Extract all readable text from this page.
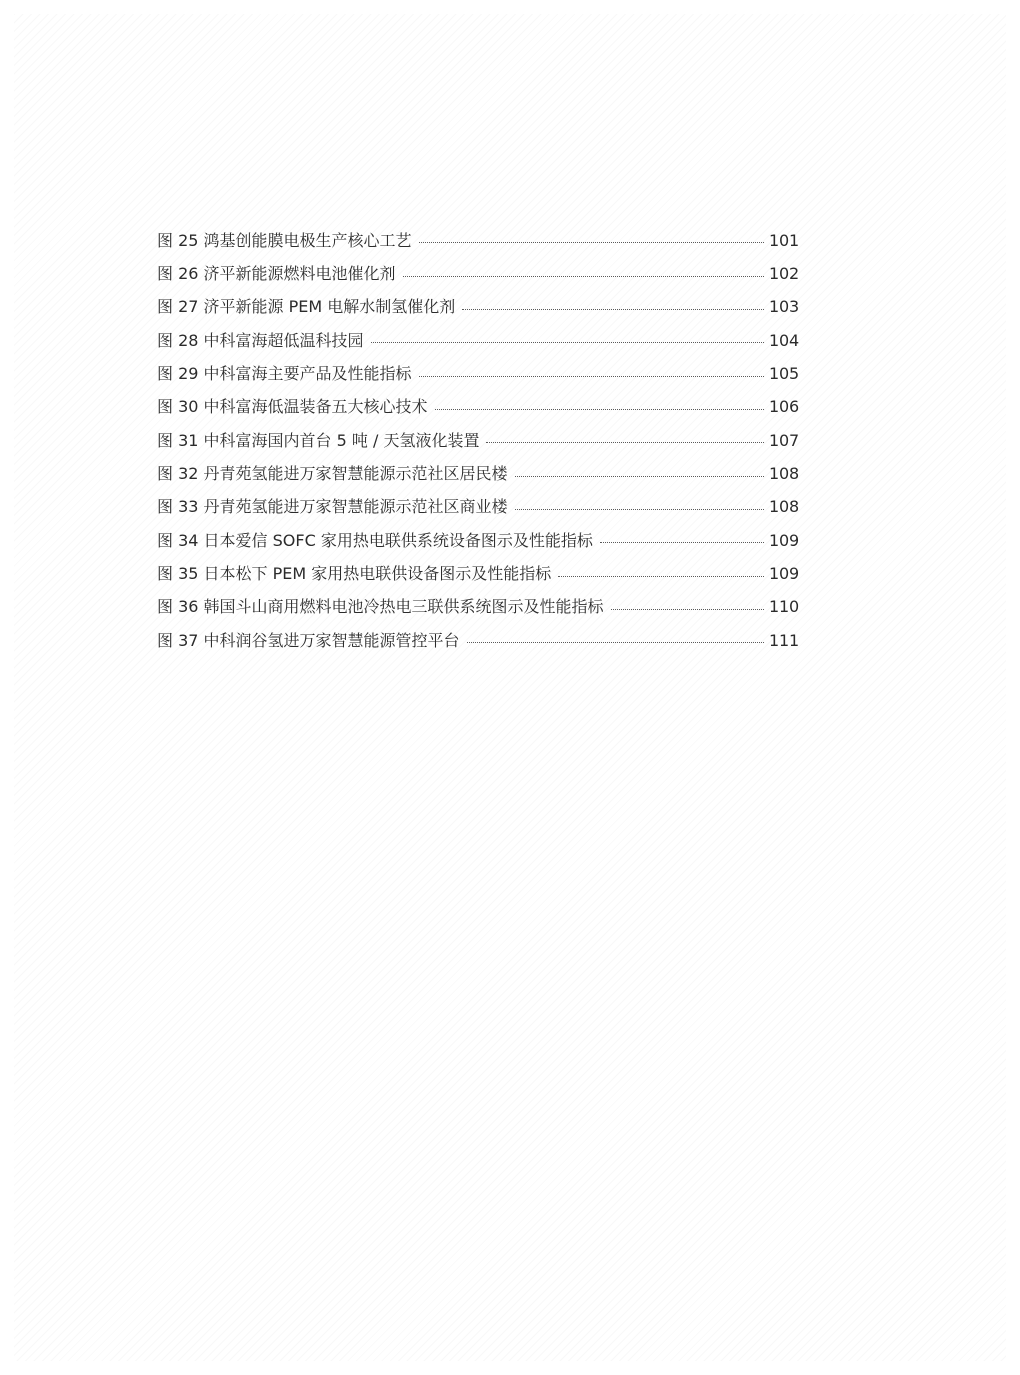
图 25 鸿基创能膜电极生产核心工艺	101
图 26 济平新能源燃料电池催化剂	102
图 27 济平新能源 PEM 电解水制氢催化剂	103
图 28 中科富海超低温科技园	104
图 29 中科富海主要产品及性能指标	105
图 30 中科富海低温装备五大核心技术	106
图 31 中科富海国内首台 5 吨 / 天氢液化装置	107
图 32 丹青苑氢能进万家智慧能源示范社区居民楼	108
图 33 丹青苑氢能进万家智慧能源示范社区商业楼	108
图 34 日本爱信 SOFC 家用热电联供系统设备图示及性能指标	109
图 35 日本松下 PEM 家用热电联供设备图示及性能指标	109
图 36 韩国斗山商用燃料电池冷热电三联供系统图示及性能指标	110
图 37 中科润谷氢进万家智慧能源管控平台	111
